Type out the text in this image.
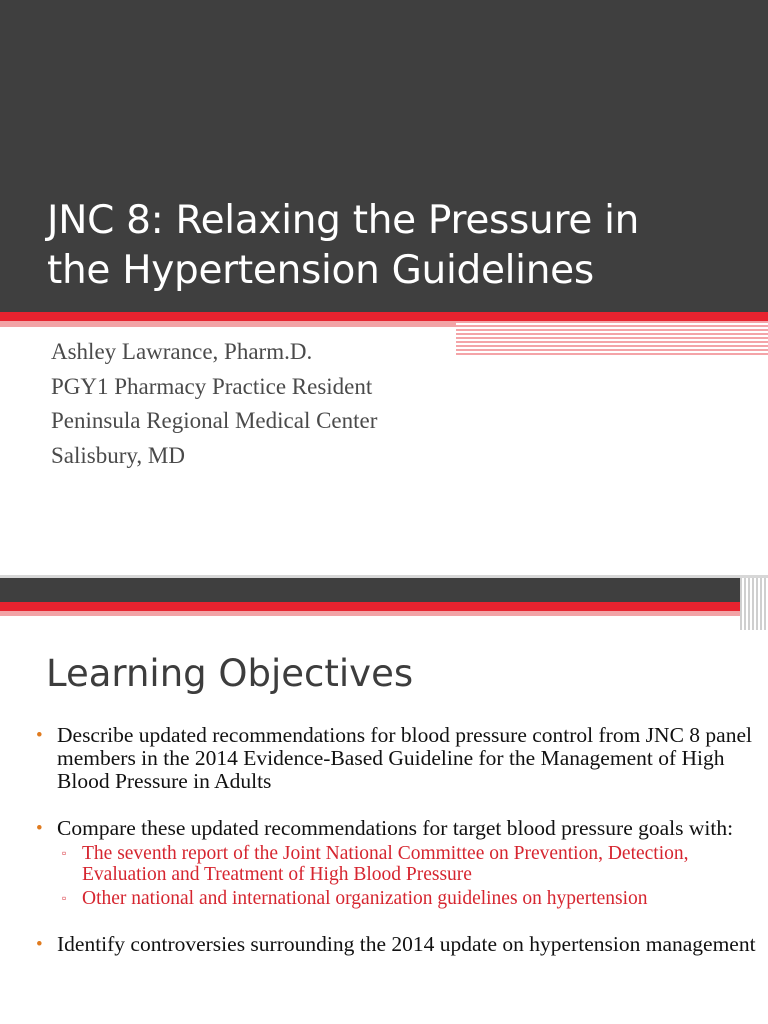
JNC 8: Relaxing the Pressure in
the Hypertension Guidelines
Ashley Lawrance, Pharm.D.
PGY1 Pharmacy Practice Resident
Peninsula Regional Medical Center
Salisbury, MD
Learning Objectives
• Describe updated recommendations for blood pressure control from JNC 8 panel members in the 2014 Evidence-Based Guideline for the Management of High Blood Pressure in Adults
• Compare these updated recommendations for target blood pressure goals with:
▫ The seventh report of the Joint National Committee on Prevention, Detection, Evaluation and Treatment of High Blood Pressure
▫ Other national and international organization guidelines on hypertension
• Identify controversies surrounding the 2014 update on hypertension management
